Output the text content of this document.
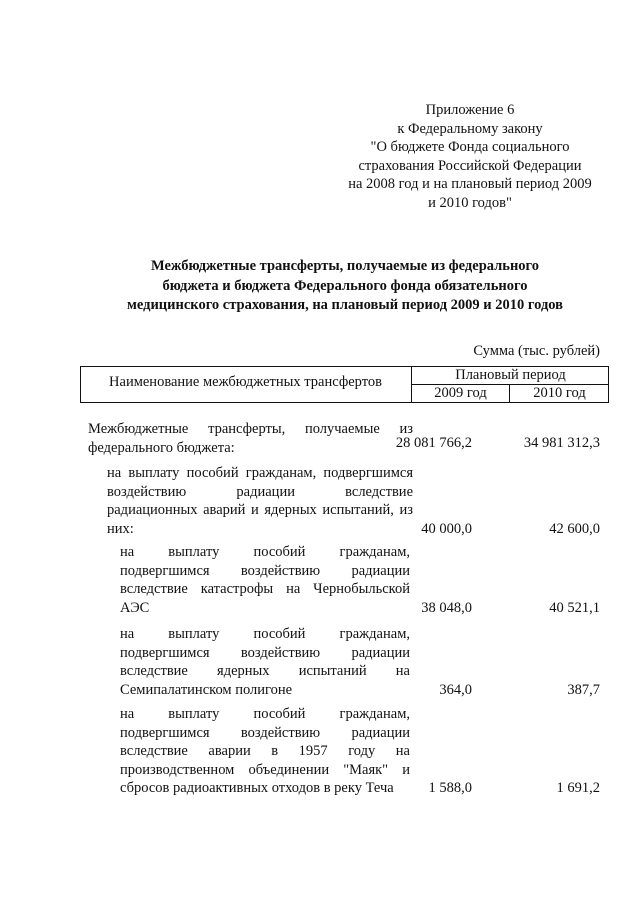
Приложение 6
к Федеральному закону
"О бюджете Фонда социального
страхования Российской Федерации
на 2008 год и на плановый период 2009
и 2010 годов"
Межбюджетные трансферты, получаемые из федерального
бюджета и бюджета Федерального фонда обязательного
медицинского страхования, на плановый период 2009 и 2010 годов
Сумма (тыс. рублей)
Наименование межбюджетных трансфертов	Плановый период
2009 год	2010 год
Межбюджетные трансферты, получаемые из федерального бюджета:	28 081 766,2	34 981 312,3
на выплату пособий гражданам, подвергшимся воздействию радиации вследствие радиационных аварий и ядерных испытаний, из них:	40 000,0	42 600,0
на выплату пособий гражданам, подвергшимся воздействию радиации вследствие катастрофы на Чернобыльской АЭС	38 048,0	40 521,1
на выплату пособий гражданам, подвергшимся воздействию радиации вследствие ядерных испытаний на Семипалатинском полигоне	364,0	387,7
на выплату пособий гражданам, подвергшимся воздействию радиации вследствие аварии в 1957 году на производственном объединении "Маяк" и сбросов радиоактивных отходов в реку Теча	1 588,0	1 691,2
